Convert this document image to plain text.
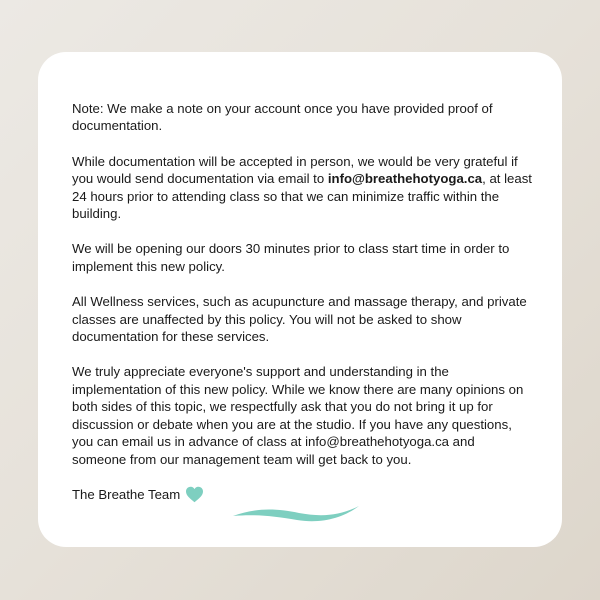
Note: We make a note on your account once you have provided proof of documentation.

While documentation will be accepted in person, we would be very grateful if you would send documentation via email to info@breathehotyoga.ca, at least 24 hours prior to attending class so that we can minimize traffic within the building.

We will be opening our doors 30 minutes prior to class start time in order to implement this new policy.

All Wellness services, such as acupuncture and massage therapy, and private classes are unaffected by this policy. You will not be asked to show documentation for these services.

We truly appreciate everyone's support and understanding in the implementation of this new policy. While we know there are many opinions on both sides of this topic, we respectfully ask that you do not bring it up for discussion or debate when you are at the studio. If you have any questions, you can email us in advance of class at info@breathehotyoga.ca and someone from our management team will get back to you.

The Breathe Team
